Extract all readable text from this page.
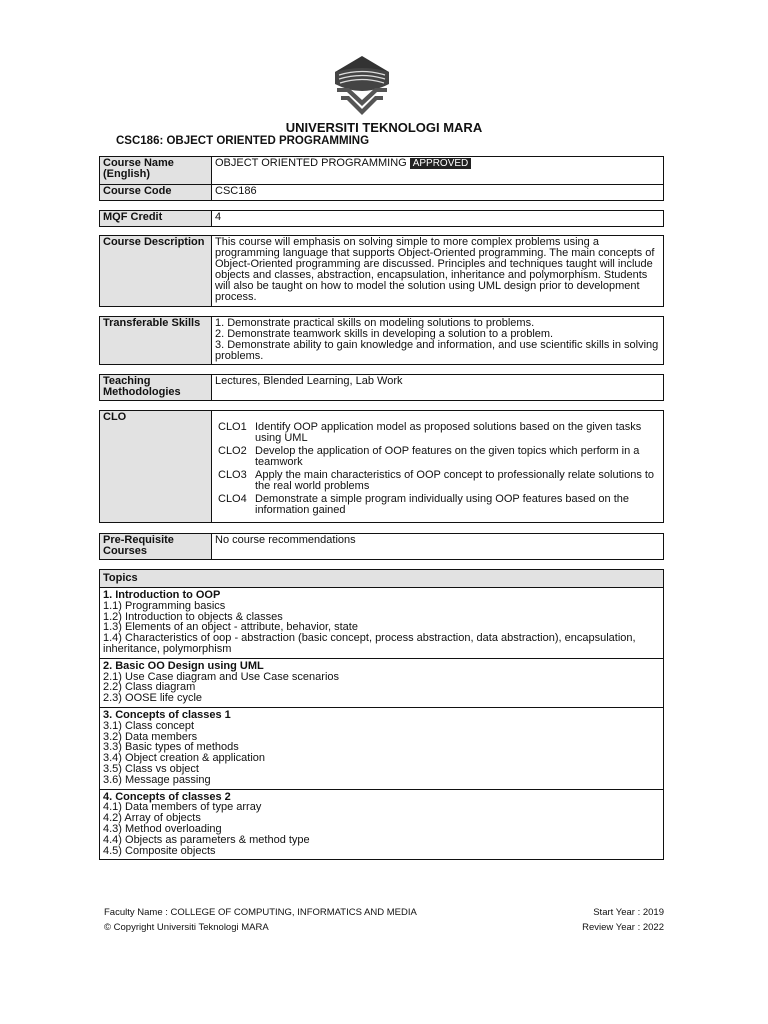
UNIVERSITI TEKNOLOGI MARA
CSC186: OBJECT ORIENTED PROGRAMMING
Course Name (English)	OBJECT ORIENTED PROGRAMMING APPROVED
Course Code	CSC186
MQF Credit	4
Course Description	This course will emphasis on solving simple to more complex problems using a programming language that supports Object-Oriented programming. The main concepts of Object-Oriented programming are discussed. Principles and techniques taught will include objects and classes, abstraction, encapsulation, inheritance and polymorphism. Students will also be taught on how to model the solution using UML design prior to development process.
Transferable Skills	1. Demonstrate practical skills on modeling solutions to problems.
2. Demonstrate teamwork skills in developing a solution to a problem.
3. Demonstrate ability to gain knowledge and information, and use scientific skills in solving problems.
Teaching Methodologies	Lectures, Blended Learning, Lab Work
CLO	
CLO1 Identify OOP application model as proposed solutions based on the given tasks using UML
CLO2 Develop the application of OOP features on the given topics which perform in a teamwork
CLO3 Apply the main characteristics of OOP concept to professionally relate solutions to the real world problems
CLO4 Demonstrate a simple program individually using OOP features based on the information gained
Pre-Requisite Courses	No course recommendations
Topics
1. Introduction to OOP
1.1) Programming basics
1.2) Introduction to objects & classes
1.3) Elements of an object - attribute, behavior, state
1.4) Characteristics of oop - abstraction (basic concept, process abstraction, data abstraction), encapsulation, inheritance, polymorphism
2. Basic OO Design using UML
2.1) Use Case diagram and Use Case scenarios
2.2) Class diagram
2.3) OOSE life cycle
3. Concepts of classes 1
3.1) Class concept
3.2) Data members
3.3) Basic types of methods
3.4) Object creation & application
3.5) Class vs object
3.6) Message passing
4. Concepts of classes 2
4.1) Data members of type array
4.2) Array of objects
4.3) Method overloading
4.4) Objects as parameters & method type
4.5) Composite objects
Faculty Name : COLLEGE OF COMPUTING, INFORMATICS AND MEDIA
© Copyright Universiti Teknologi MARA
Start Year : 2019
Review Year : 2022
